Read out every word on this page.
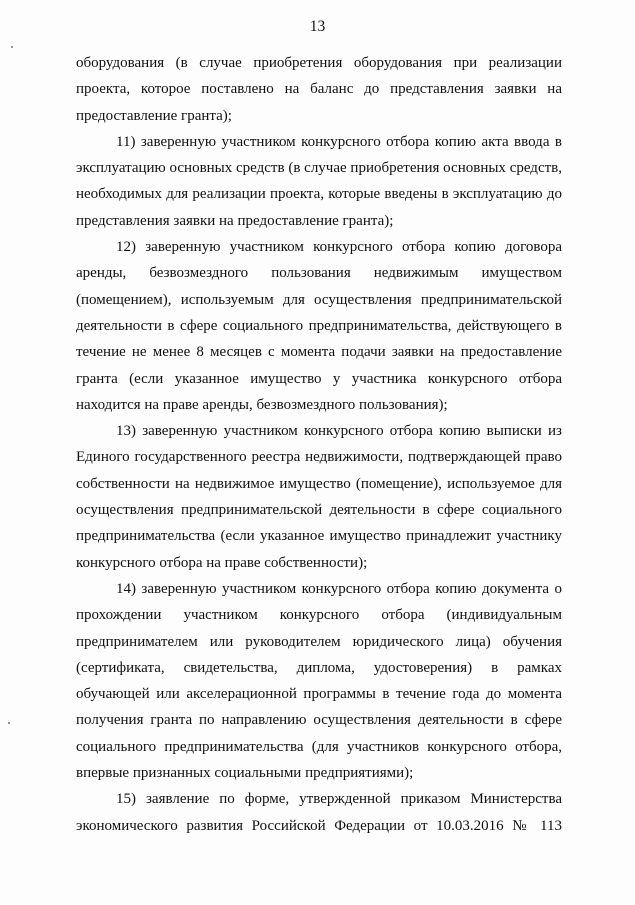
13

оборудования (в случае приобретения оборудования при реализации проекта, которое поставлено на баланс до представления заявки на предоставление гранта);

11) заверенную участником конкурсного отбора копию акта ввода в эксплуатацию основных средств (в случае приобретения основных средств, необходимых для реализации проекта, которые введены в эксплуатацию до представления заявки на предоставление гранта);

12) заверенную участником конкурсного отбора копию договора аренды, безвозмездного пользования недвижимым имуществом (помещением), используемым для осуществления предпринимательской деятельности в сфере социального предпринимательства, действующего в течение не менее 8 месяцев с момента подачи заявки на предоставление гранта (если указанное имущество у участника конкурсного отбора находится на праве аренды, безвозмездного пользования);

13) заверенную участником конкурсного отбора копию выписки из Единого государственного реестра недвижимости, подтверждающей право собственности на недвижимое имущество (помещение), используемое для осуществления предпринимательской деятельности в сфере социального предпринимательства (если указанное имущество принадлежит участнику конкурсного отбора на праве собственности);

14) заверенную участником конкурсного отбора копию документа о прохождении участником конкурсного отбора (индивидуальным предпринимателем или руководителем юридического лица) обучения (сертификата, свидетельства, диплома, удостоверения) в рамках обучающей или акселерационной программы в течение года до момента получения гранта по направлению осуществления деятельности в сфере социального предпринимательства (для участников конкурсного отбора, впервые признанных социальными предприятиями);

15) заявление по форме, утвержденной приказом Министерства экономического развития Российской Федерации от 10.03.2016 № 113
